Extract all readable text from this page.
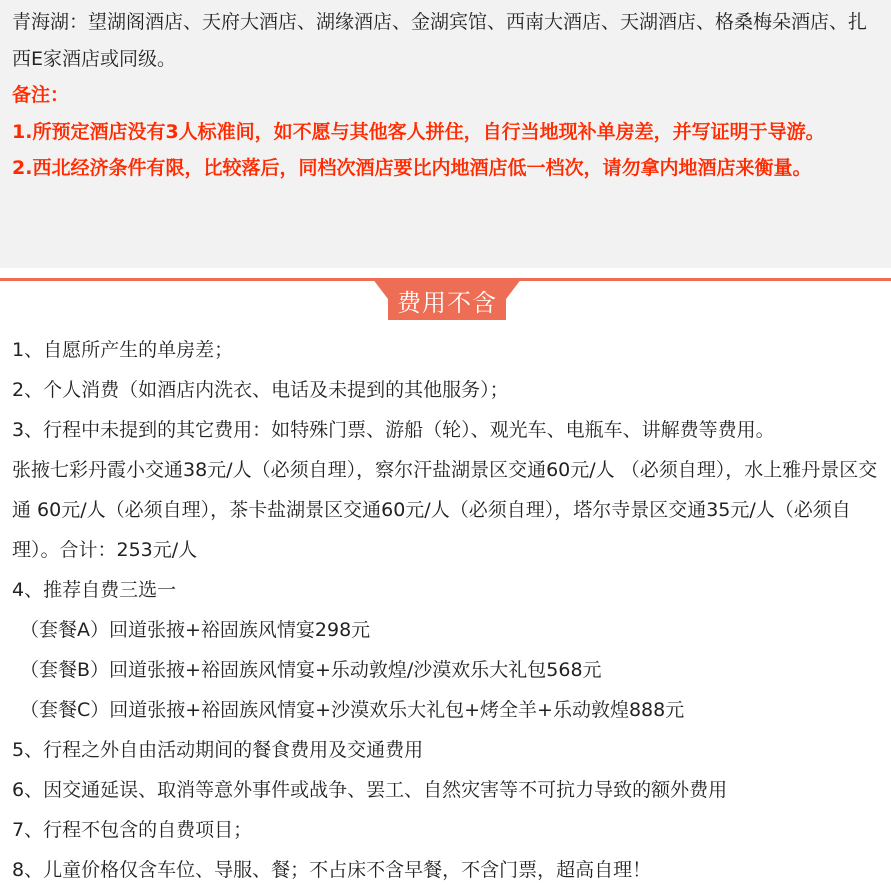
青海湖：望湖阁酒店、天府大酒店、湖缘酒店、金湖宾馆、西南大酒店、天湖酒店、格桑梅朵酒店、扎西E家酒店或同级。

备注：

1.所预定酒店没有3人标准间，如不愿与其他客人拼住，自行当地现补单房差，并写证明于导游。

2.西北经济条件有限，比较落后，同档次酒店要比内地酒店低一档次，请勿拿内地酒店来衡量。

费用不含

1、自愿所产生的单房差；

2、个人消费（如酒店内洗衣、电话及未提到的其他服务）；

3、行程中未提到的其它费用：如特殊门票、游船（轮）、观光车、电瓶车、讲解费等费用。

张掖七彩丹霞小交通38元/人（必须自理），察尔汗盐湖景区交通60元/人 （必须自理），水上雅丹景区交通 60元/人（必须自理），茶卡盐湖景区交通60元/人（必须自理），塔尔寺景区交通35元/人（必须自理）。合计：253元/人

4、推荐自费三选一

（套餐A）回道张掖+裕固族风情宴298元

（套餐B）回道张掖+裕固族风情宴+乐动敦煌/沙漠欢乐大礼包568元

（套餐C）回道张掖+裕固族风情宴+沙漠欢乐大礼包+烤全羊+乐动敦煌888元

5、行程之外自由活动期间的餐食费用及交通费用

6、因交通延误、取消等意外事件或战争、罢工、自然灾害等不可抗力导致的额外费用

7、行程不包含的自费项目；

8、儿童价格仅含车位、导服、餐；不占床不含早餐，不含门票，超高自理！
